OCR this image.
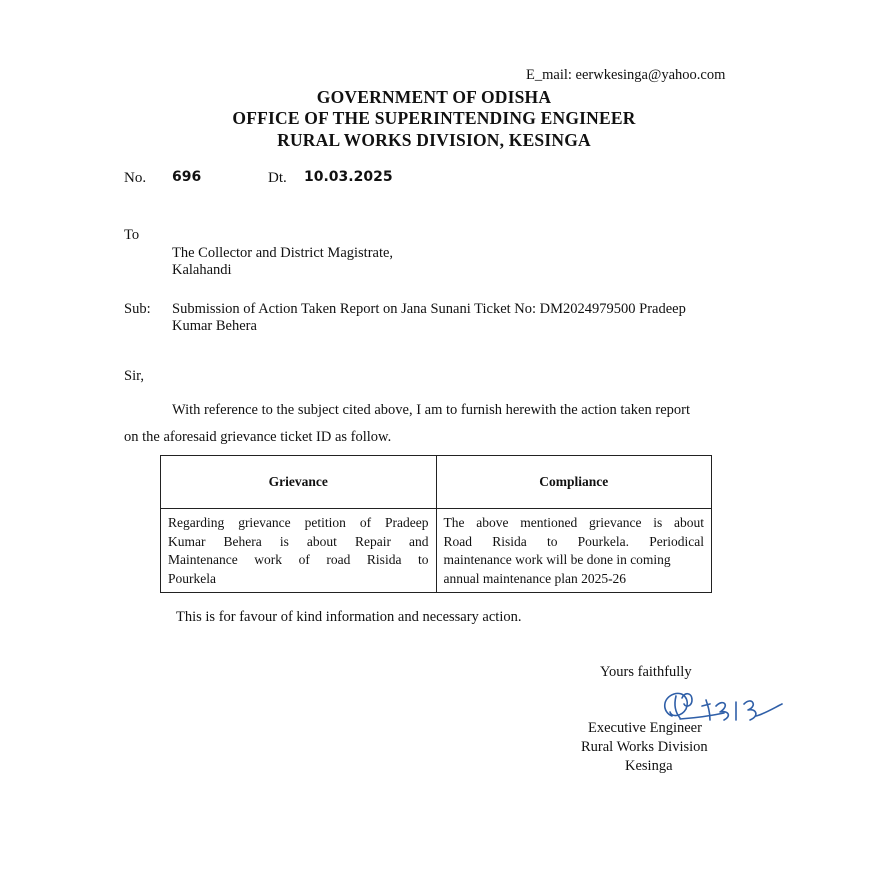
E_mail: eerwkesinga@yahoo.com
GOVERNMENT OF ODISHA
OFFICE OF THE SUPERINTENDING ENGINEER
RURAL WORKS DIVISION, KESINGA
No. 696	Dt. 10.03.2025
To
The Collector and District Magistrate,
Kalahandi
Sub: Submission of Action Taken Report on Jana Sunani Ticket No: DM2024979500 Pradeep
Kumar Behera
Sir,
With reference to the subject cited above, I am to furnish herewith the action taken report
on the aforesaid grievance ticket ID as follow.
Grievance	Compliance

Regarding grievance petition of Pradeep
Kumar Behera is about Repair and
Maintenance work of road Risida to
Pourkela	The above mentioned grievance is about
Road Risida to Pourkela. Periodical
maintenance work will be done in coming
annual maintenance plan 2025-26
This is for favour of kind information and necessary action.
Yours faithfully
Executive Engineer
Rural Works Division
Kesinga
